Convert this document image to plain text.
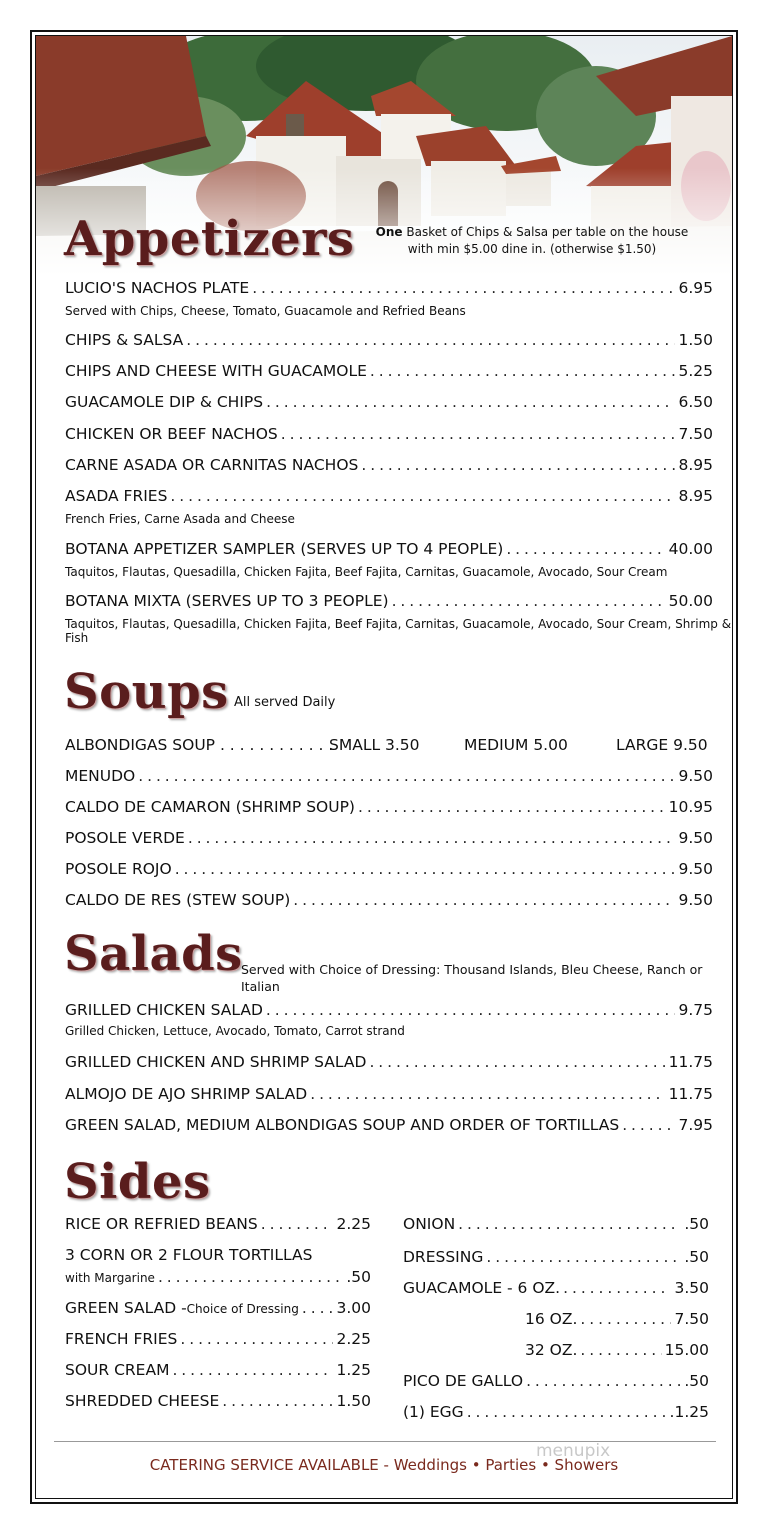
Appetizers	One Basket of Chips & Salsa per table on the house
with min $5.00 dine in. (otherwise $1.50)
LUCIO'S NACHOS PLATE . . .	6.95
Served with Chips, Cheese, Tomato, Guacamole and Refried Beans
CHIPS & SALSA . . .	1.50
CHIPS AND CHEESE WITH GUACAMOLE . . .	5.25
GUACAMOLE DIP & CHIPS . . .	6.50
CHICKEN OR BEEF NACHOS . . .	7.50
CARNE ASADA OR CARNITAS NACHOS . . .	8.95
ASADA FRIES . . .	8.95
French Fries, Carne Asada and Cheese
BOTANA APPETIZER SAMPLER (SERVES UP TO 4 PEOPLE) . . .	40.00
Taquitos, Flautas, Quesadilla, Chicken Fajita, Beef Fajita, Carnitas, Guacamole, Avocado, Sour Cream
BOTANA MIXTA (SERVES UP TO 3 PEOPLE) . . .	50.00
Taquitos, Flautas, Quesadilla, Chicken Fajita, Beef Fajita, Carnitas, Guacamole, Avocado, Sour Cream, Shrimp & Fish
Soups All served Daily
ALBONDIGAS SOUP . . . . . . . . . . . .
SMALL 3.50	MEDIUM 5.00	LARGE 9.50
MENUDO . . .	9.50
CALDO DE CAMARON (SHRIMP SOUP) . . .	10.95
POSOLE VERDE . . .	9.50
POSOLE ROJO . . .	9.50
CALDO DE RES (STEW SOUP) . . .	9.50
Salads
Served with Choice of Dressing: Thousand Islands, Bleu Cheese, Ranch or Italian
GRILLED CHICKEN SALAD . . .	9.75
Grilled Chicken, Lettuce, Avocado, Tomato, Carrot strand
GRILLED CHICKEN AND SHRIMP SALAD . . .	11.75
ALMOJO DE AJO SHRIMP SALAD . . .	11.75
GREEN SALAD, MEDIUM ALBONDIGAS SOUP AND ORDER OF TORTILLAS . . .	7.95
Sides
RICE OR REFRIED BEANS . . .	2.25
3 CORN OR 2 FLOUR TORTILLAS
with Margarine . . .	.50
GREEN SALAD - Choice of Dressing . . . 3.00
FRENCH FRIES . . .	2.25
SOUR CREAM . . .	1.25
SHREDDED CHEESE . . .	1.50
ONION . . .	.50
DRESSING . . .	.50
GUACAMOLE - 6 OZ. . . .	3.50
16 OZ. . . .	7.50
32 OZ. . . .	15.00
PICO DE GALLO . . .	.50
(1) EGG . . .	.1.25
menupix
CATERING SERVICE AVAILABLE - Weddings • Parties • Showers
